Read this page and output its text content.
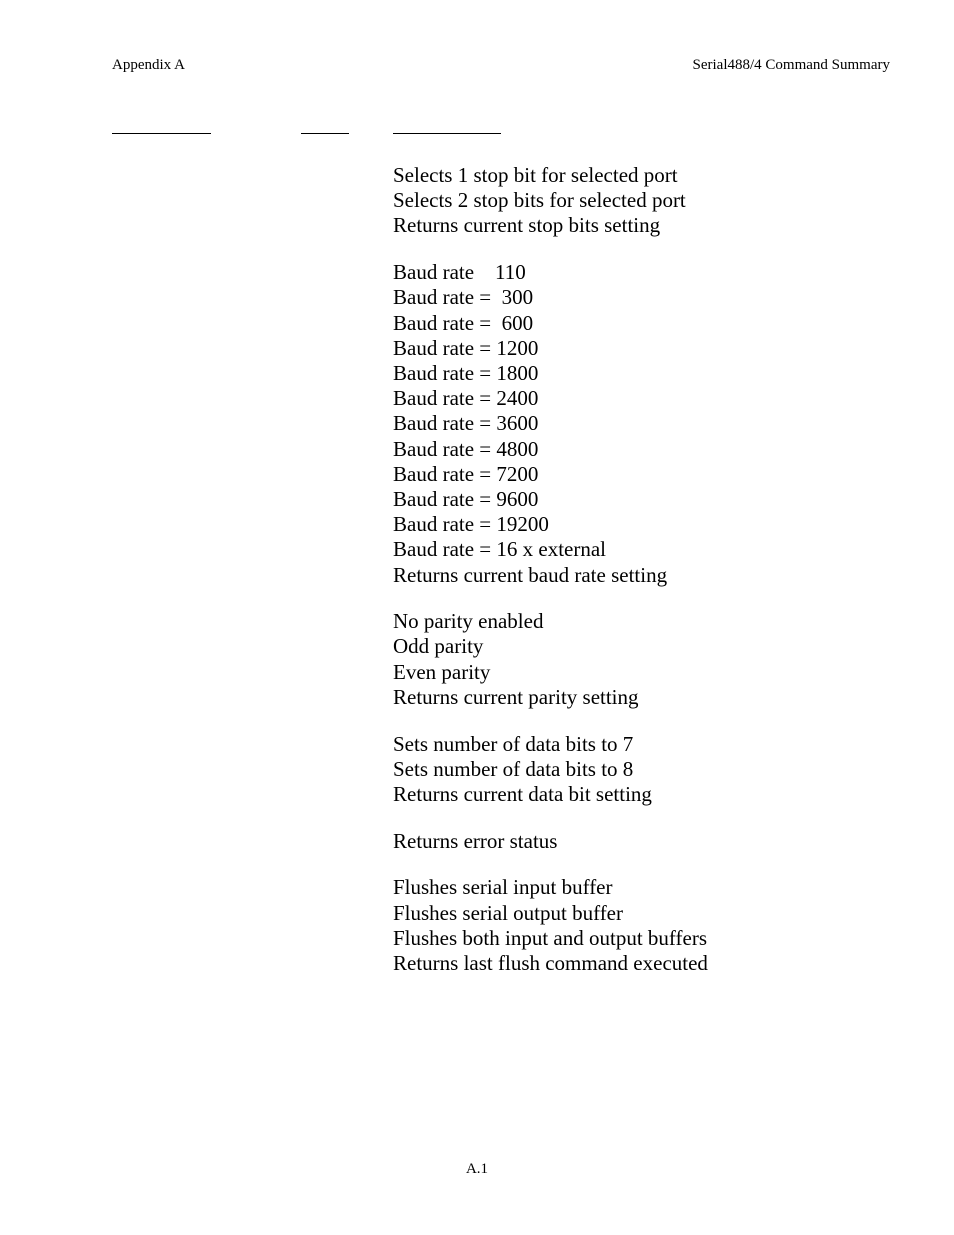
Appendix A	Serial488/4 Command Summary
Selects 1 stop bit for selected port
Selects 2 stop bits for selected port
Returns current stop bits setting
Baud rate    110
Baud rate =  300
Baud rate =  600
Baud rate = 1200
Baud rate = 1800
Baud rate = 2400
Baud rate = 3600
Baud rate = 4800
Baud rate = 7200
Baud rate = 9600
Baud rate = 19200
Baud rate = 16 x external
Returns current baud rate setting
No parity enabled
Odd parity
Even parity
Returns current parity setting
Sets number of data bits to 7
Sets number of data bits to 8
Returns current data bit setting
Returns error status
Flushes serial input buffer
Flushes serial output buffer
Flushes both input and output buffers
Returns last flush command executed
A.1
